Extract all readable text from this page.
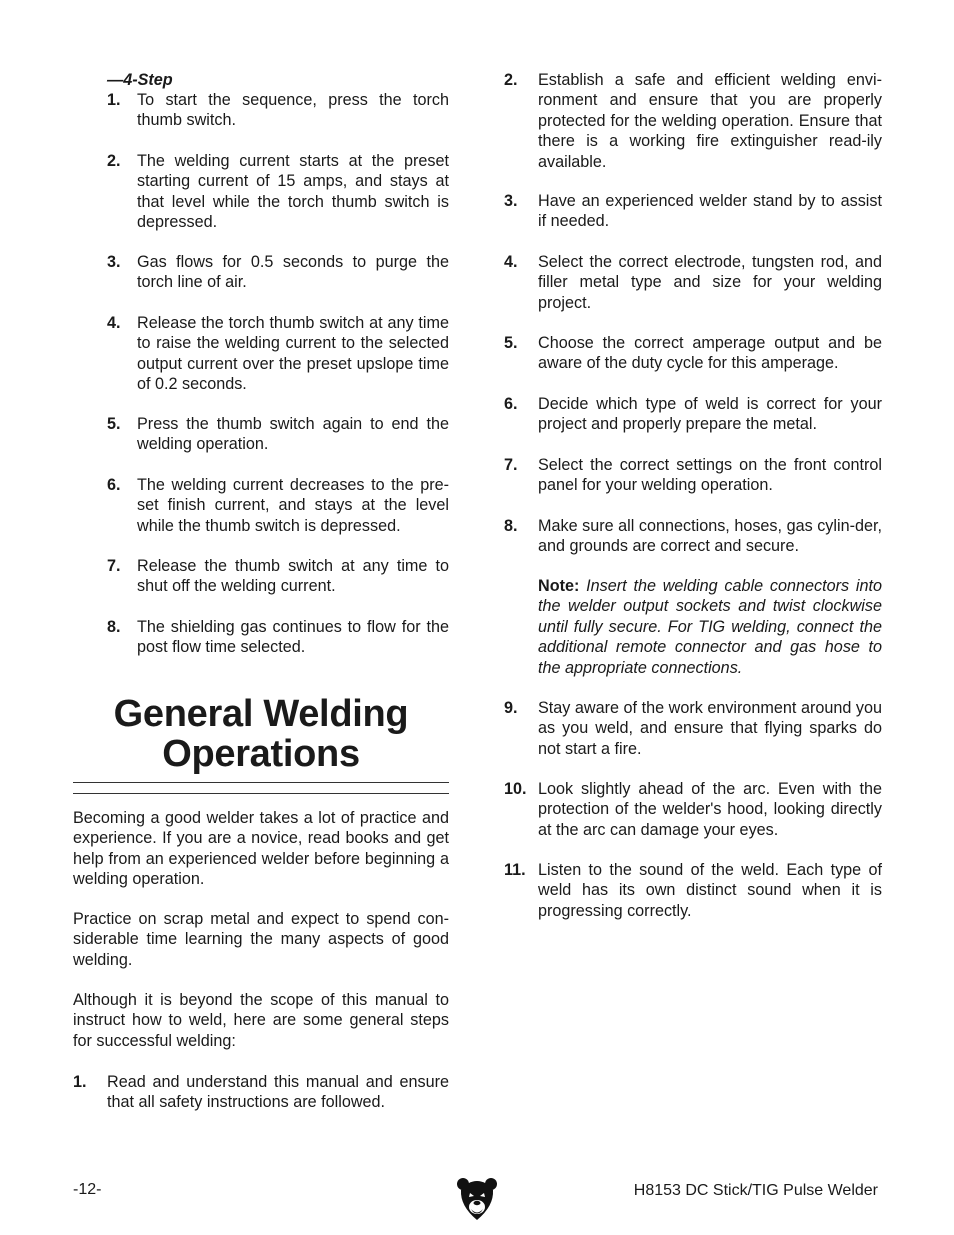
—4-Step
1.	To start the sequence, press the torch thumb switch.
2.	The welding current starts at the preset starting current of 15 amps, and stays at that level while the torch thumb switch is depressed.
3.	Gas flows for 0.5 seconds to purge the torch line of air.
4.	Release the torch thumb switch at any time to raise the welding current to the selected output current over the preset upslope time of 0.2 seconds.
5.	Press the thumb switch again to end the welding operation.
6.	The welding current decreases to the pre-set finish current, and stays at the level while the thumb switch is depressed.
7.	Release the thumb switch at any time to shut off the welding current.
8.	The shielding gas continues to flow for the post flow time selected.
General Welding
Operations
Becoming a good welder takes a lot of practice and experience. If you are a novice, read books and get help from an experienced welder before beginning a welding operation.
Practice on scrap metal and expect to spend con-siderable time learning the many aspects of good welding.
Although it is beyond the scope of this manual to instruct how to weld, here are some general steps for successful welding:
1.	Read and understand this manual and ensure that all safety instructions are followed.
2.	Establish a safe and efficient welding envi-ronment and ensure that you are properly protected for the welding operation. Ensure that there is a working fire extinguisher read-ily available.
3.	Have an experienced welder stand by to assist if needed.
4.	Select the correct electrode, tungsten rod, and filler metal type and size for your welding project.
5.	Choose the correct amperage output and be aware of the duty cycle for this amperage.
6.	Decide which type of weld is correct for your project and properly prepare the metal.
7.	Select the correct settings on the front control panel for your welding operation.
8.	Make sure all connections, hoses, gas cylin-der, and grounds are correct and secure.
Note: Insert the welding cable connectors into the welder output sockets and twist clockwise until fully secure. For TIG welding, connect the additional remote connector and gas hose to the appropriate connections.
9.	Stay aware of the work environment around you as you weld, and ensure that flying sparks do not start a fire.
10. Look slightly ahead of the arc. Even with the protection of the welder's hood, looking directly at the arc can damage your eyes.
11. Listen to the sound of the weld. Each type of weld has its own distinct sound when it is progressing correctly.
-12-	H8153 DC Stick/TIG Pulse Welder
